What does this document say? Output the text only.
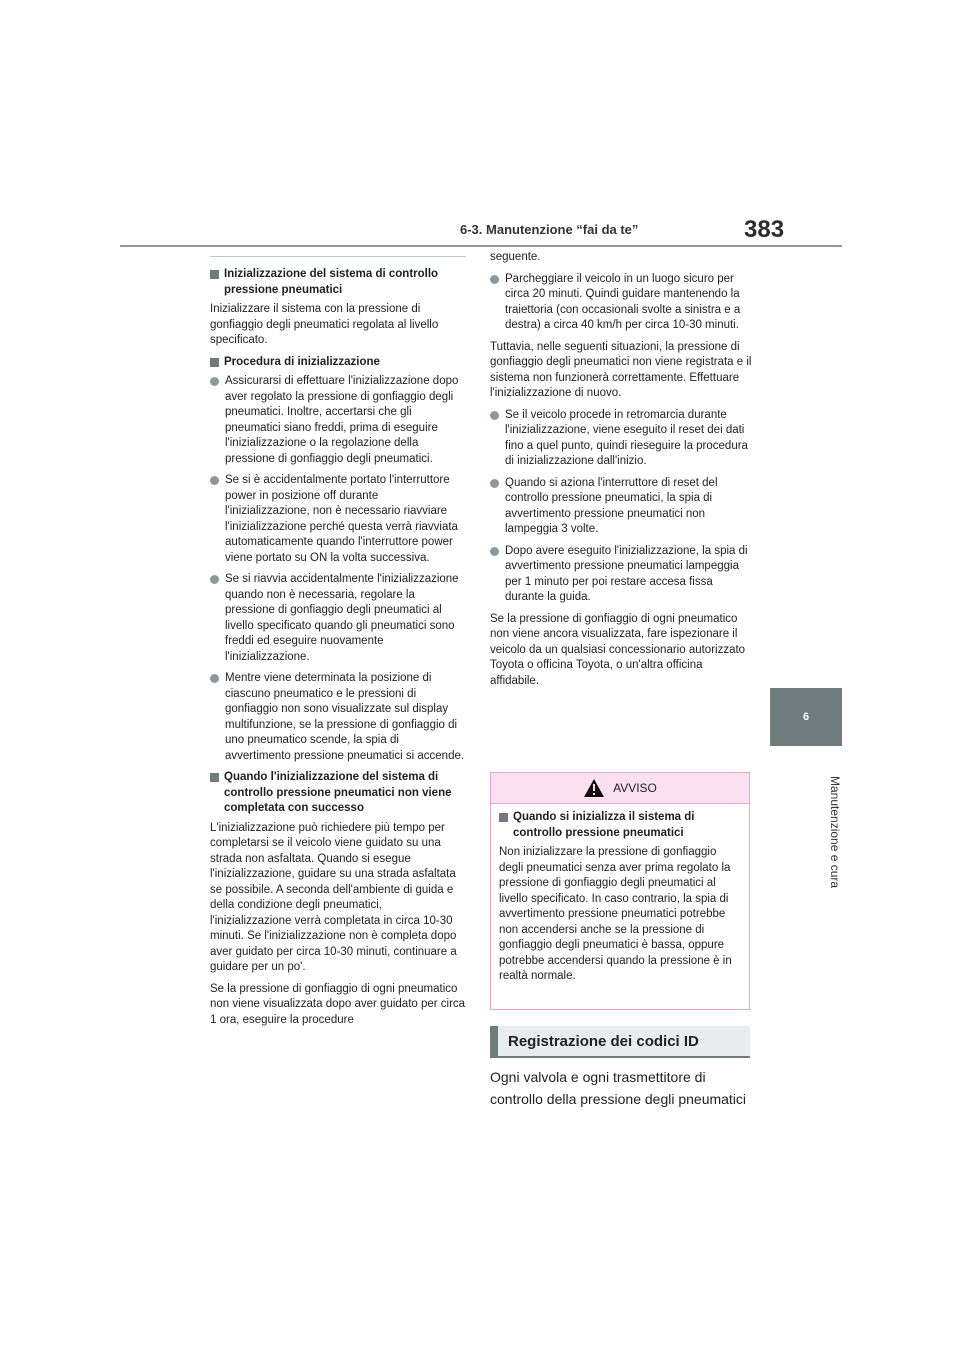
6-3. Manutenzione “fai da te”	383
6
Manutenzione e cura
Inizializzazione del sistema di controllo pressione pneumatici

Inizializzare il sistema con la pressione di gonfiaggio degli pneumatici regolata al livello specificato.

Procedura di inizializzazione
Assicurarsi di effettuare l'inizializzazione dopo aver regolato la pressione di gonfiaggio degli pneumatici. Inoltre, accertarsi che gli pneumatici siano freddi, prima di eseguire l'inizializzazione o la regolazione della pressione di gonfiaggio degli pneumatici.
Se si è accidentalmente portato l'interruttore power in posizione off durante l'inizializzazione, non è necessario riavviare l'inizializzazione perché questa verrà riavviata automaticamente quando l'interruttore power viene portato su ON la volta successiva.
Se si riavvia accidentalmente l'inizializzazione quando non è necessaria, regolare la pressione di gonfiaggio degli pneumatici al livello specificato quando gli pneumatici sono freddi ed eseguire nuovamente l'inizializzazione.
Mentre viene determinata la posizione di ciascuno pneumatico e le pressioni di gonfiaggio non sono visualizzate sul display multifunzione, se la pressione di gonfiaggio di uno pneumatico scende, la spia di avvertimento pressione pneumatici si accende.
Quando l'inizializzazione del sistema di controllo pressione pneumatici non viene completata con successo

L'inizializzazione può richiedere più tempo per completarsi se il veicolo viene guidato su una strada non asfaltata. Quando si esegue l'inizializzazione, guidare su una strada asfaltata se possibile. A seconda dell'ambiente di guida e della condizione degli pneumatici, l'inizializzazione verrà completata in circa 10-30 minuti. Se l'inizializzazione non è completa dopo aver guidato per circa 10-30 minuti, continuare a guidare per un po'.

Se la pressione di gonfiaggio di ogni pneumatico non viene visualizzata dopo aver guidato per circa 1 ora, eseguire la procedure

seguente.

Parcheggiare il veicolo in un luogo sicuro per circa 20 minuti. Quindi guidare mantenendo la traiettoria (con occasionali svolte a sinistra e a destra) a circa 40 km/h per circa 10-30 minuti.

Tuttavia, nelle seguenti situazioni, la pressione di gonfiaggio degli pneumatici non viene registrata e il sistema non funzionerà correttamente. Effettuare l'inizializzazione di nuovo.

Se il veicolo procede in retromarcia durante l'inizializzazione, viene eseguito il reset dei dati fino a quel punto, quindi rieseguire la procedura di inizializzazione dall'inizio.
Quando si aziona l'interruttore di reset del controllo pressione pneumatici, la spia di avvertimento pressione pneumatici non lampeggia 3 volte.
Dopo avere eseguito l'inizializzazione, la spia di avvertimento pressione pneumatici lampeggia per 1 minuto per poi restare accesa fissa durante la guida.

Se la pressione di gonfiaggio di ogni pneumatico non viene ancora visualizzata, fare ispezionare il veicolo da un qualsiasi concessionario autorizzato Toyota o officina Toyota, o un'altra officina affidabile.

AVVISO
Quando si inizializza il sistema di controllo pressione pneumatici

Non inizializzare la pressione di gonfiaggio degli pneumatici senza aver prima regolato la pressione di gonfiaggio degli pneumatici al livello specificato. In caso contrario, la spia di avvertimento pressione pneumatici potrebbe non accendersi anche se la pressione di gonfiaggio degli pneumatici è bassa, oppure potrebbe accendersi quando la pressione è in realtà normale.

Registrazione dei codici ID
Ogni valvola e ogni trasmettitore di controllo della pressione degli pneumatici
